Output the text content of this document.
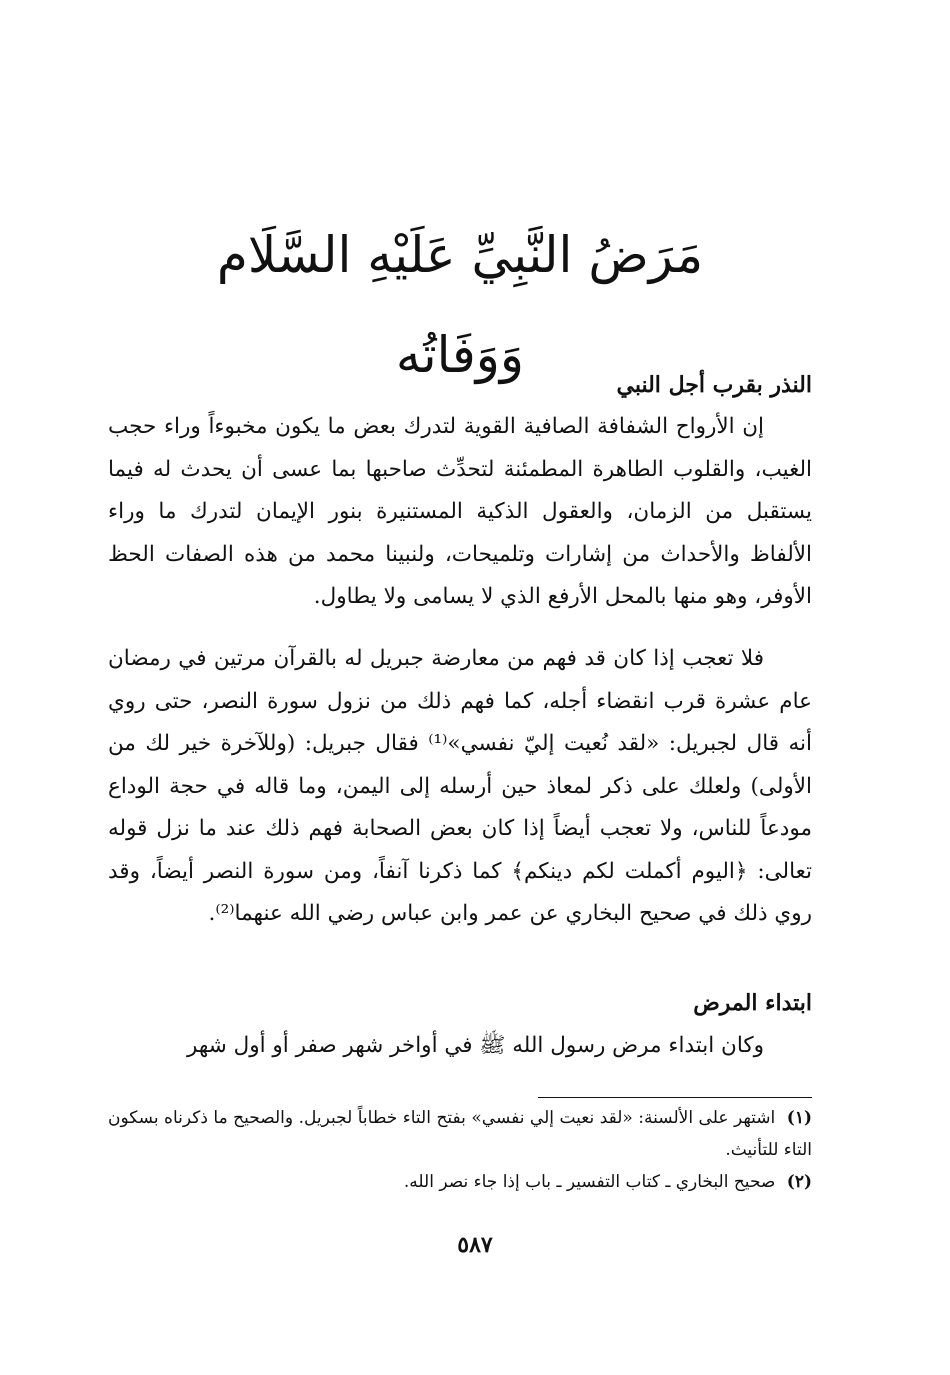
مَرَضُ النَّبِيِّ عَلَيْهِ السَّلَام وَوَفَاتُه
النذر بقرب أجل النبي

إن الأرواح الشفافة الصافية القوية لتدرك بعض ما يكون مخبوءاً وراء حجب الغيب، والقلوب الطاهرة المطمئنة لتحدِّث صاحبها بما عسى أن يحدث له فيما يستقبل من الزمان، والعقول الذكية المستنيرة بنور الإيمان لتدرك ما وراء الألفاظ والأحداث من إشارات وتلميحات، ولنبينا محمد من هذه الصفات الحظ الأوفر، وهو منها بالمحل الأرفع الذي لا يسامى ولا يطاول.

فلا تعجب إذا كان قد فهم من معارضة جبريل له بالقرآن مرتين في رمضان عام عشرة قرب انقضاء أجله، كما فهم ذلك من نزول سورة النصر، حتى روي أنه قال لجبريل: «لقد نُعيت إليّ نفسي»⁽¹⁾ فقال جبريل: (وللآخرة خير لك من الأولى) ولعلك على ذكر لمعاذ حين أرسله إلى اليمن، وما قاله في حجة الوداع مودعاً للناس، ولا تعجب أيضاً إذا كان بعض الصحابة فهم ذلك عند ما نزل قوله تعالى: ﴿اليوم أكملت لكم دينكم﴾ كما ذكرنا آنفاً، ومن سورة النصر أيضاً، وقد روي ذلك في صحيح البخاري عن عمر وابن عباس رضي الله عنهما⁽²⁾.

ابتداء المرض

وكان ابتداء مرض رسول الله ﷺ في أواخر شهر صفر أو أول شهر

(١) اشتهر على الألسنة: «لقد نعيت إلي نفسي» بفتح التاء خطاباً لجبريل. والصحيح ما ذكرناه بسكون التاء للتأنيث.

(٢) صحيح البخاري ـ كتاب التفسير ـ باب إذا جاء نصر الله.

٥٨٧
